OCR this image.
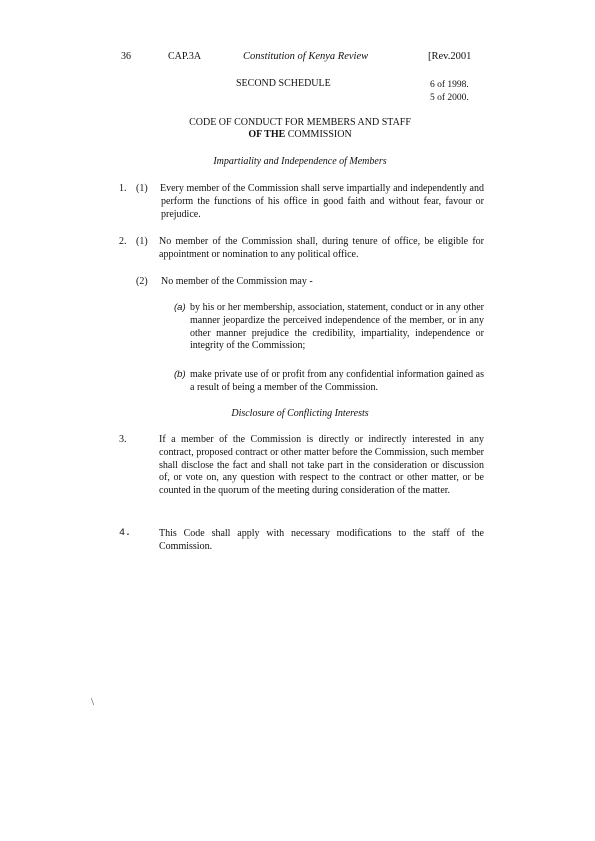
36	CAP.3A	Constitution of Kenya Review	[Rev.2001
SECOND SCHEDULE	6 of 1998.
5 of 2000.
CODE OF CONDUCT FOR MEMBERS AND STAFF
OF THE COMMISSION
Impartiality and Independence of Members
1. (1) Every member of the Commission shall serve impartially and independently and perform the functions of his office in good faith and without fear, favour or prejudice.
2. (1) No member of the Commission shall, during tenure of office, be eligible for appointment or nomination to any political office.
(2) No member of the Commission may -
(a) by his or her membership, association, statement, conduct or in any other manner jeopardize the perceived independence of the member, or in any other manner prejudice the credibility, impartiality, independence or integrity of the Commission;
(b) make private use of or profit from any confidential information gained as a result of being a member of the Commission.
Disclosure of Conflicting Interests
3.	If a member of the Commission is directly or indirectly interested in any contract, proposed contract or other matter before the Commission, such member shall disclose the fact and shall not take part in the consideration or discussion of, or vote on, any question with respect to the contract or other matter, or be counted in the quorum of the meeting during consideration of the matter.
4.	This Code shall apply with necessary modifications to the staff of the Commission.
\
